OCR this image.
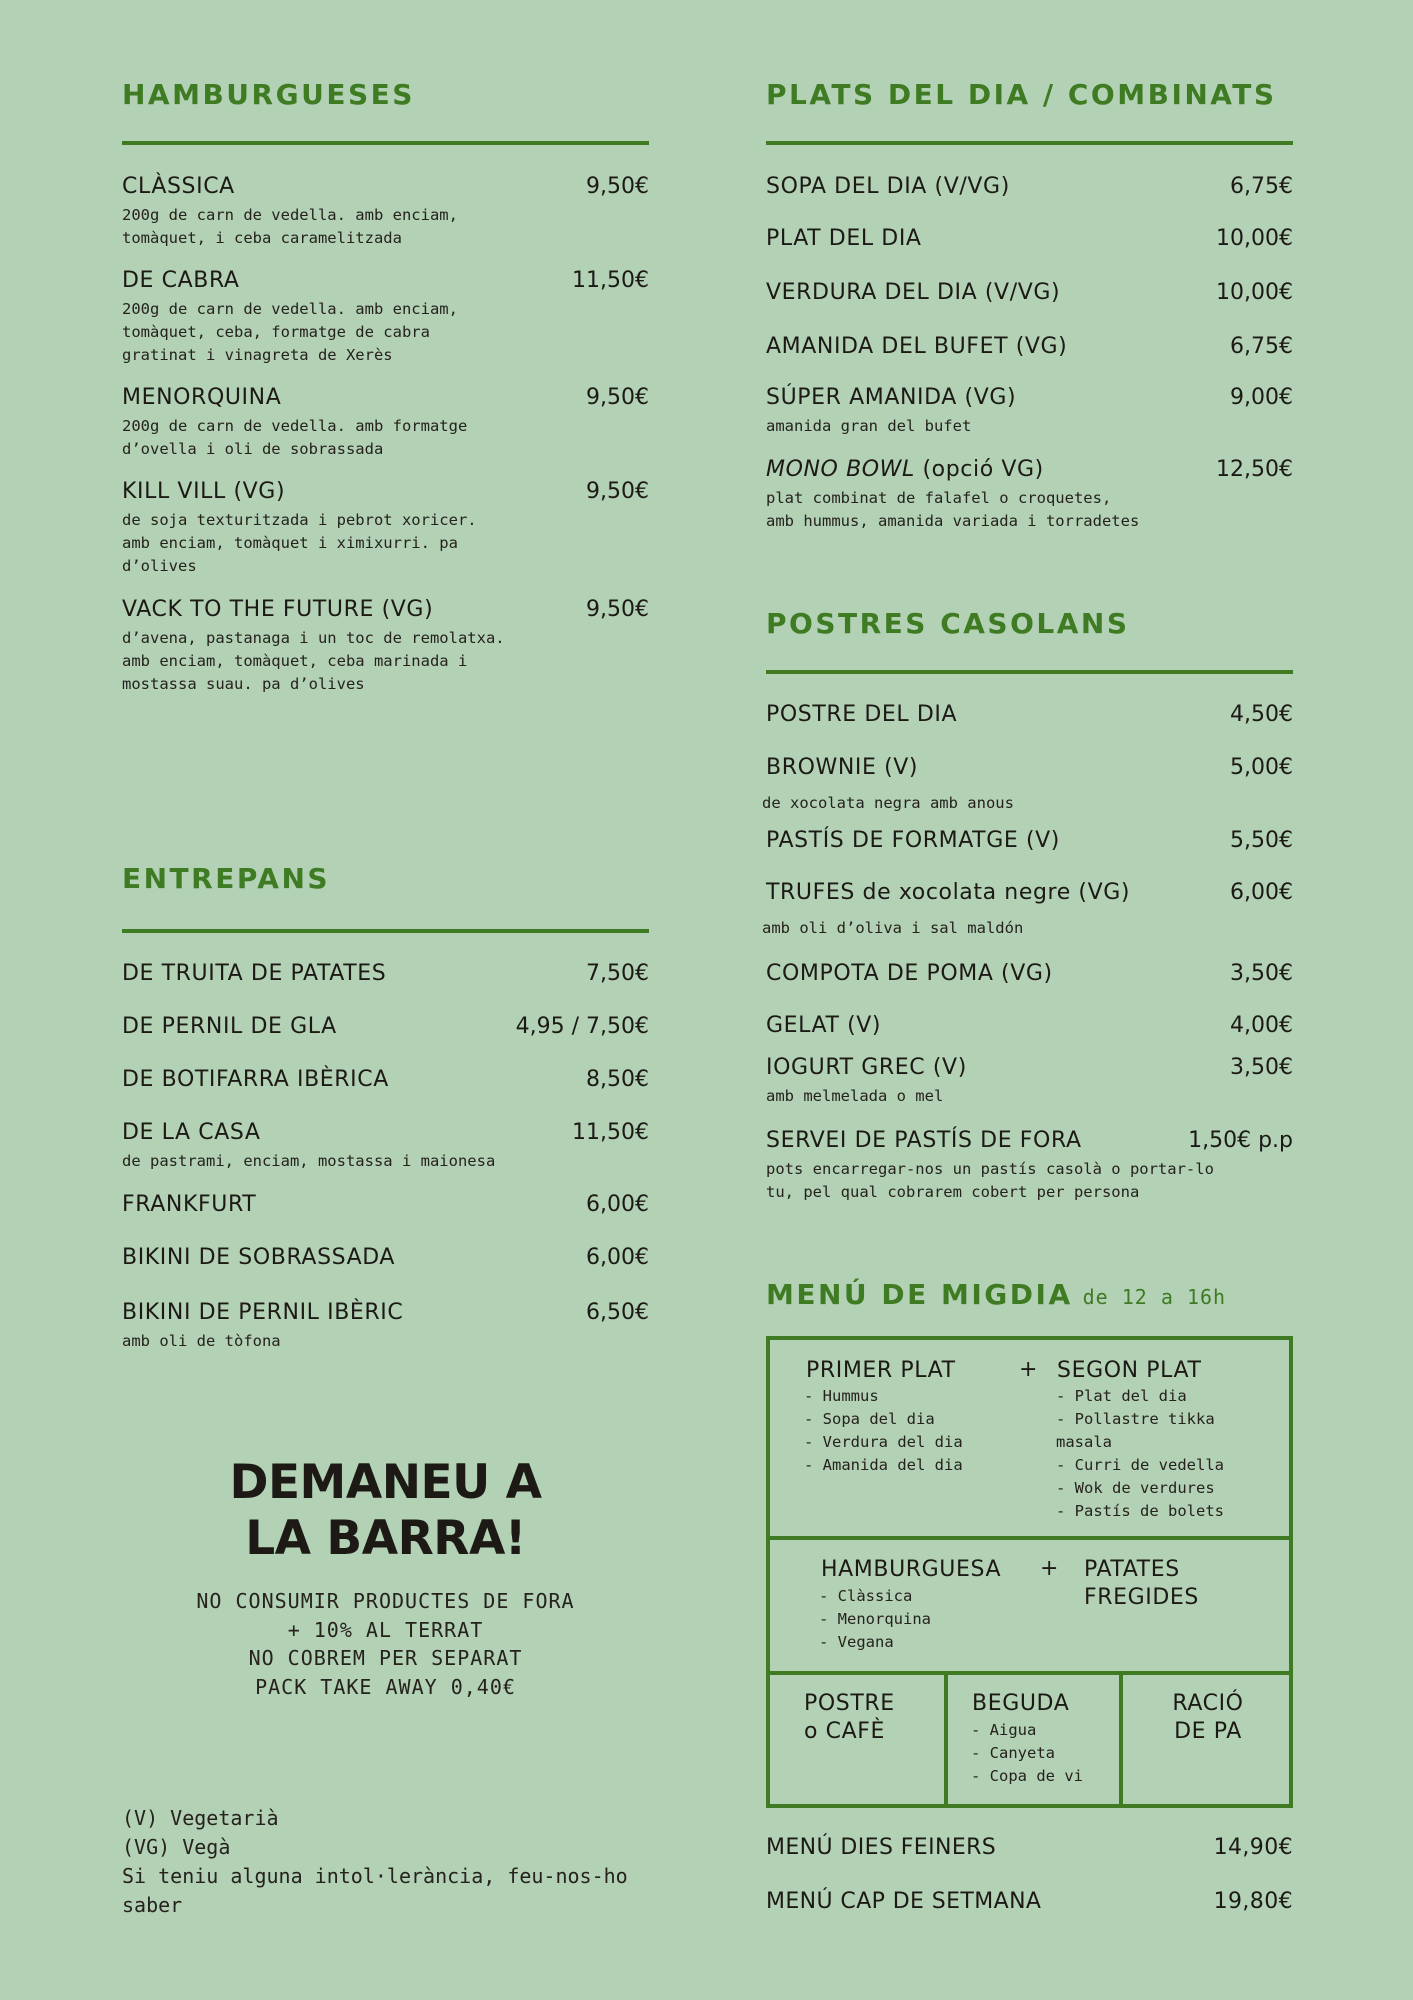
HAMBURGUESES
CLÀSSICA	9,50€
200g de carn de vedella. amb enciam,
tomàquet, i ceba caramelitzada
DE CABRA	11,50€
200g de carn de vedella. amb enciam,
tomàquet, ceba, formatge de cabra
gratinat i vinagreta de Xerès
MENORQUINA	9,50€
200g de carn de vedella. amb formatge
d’ovella i oli de sobrassada
KILL VILL (VG)	9,50€
de soja texturitzada i pebrot xoricer.
amb enciam, tomàquet i ximixurri. pa
d’olives
VACK TO THE FUTURE (VG)	9,50€
d’avena, pastanaga i un toc de remolatxa.
amb enciam, tomàquet, ceba marinada i
mostassa suau. pa d’olives
ENTREPANS
DE TRUITA DE PATATES	7,50€
DE PERNIL DE GLA	4,95 / 7,50€
DE BOTIFARRA IBÈRICA	8,50€
DE LA CASA	11,50€
de pastrami, enciam, mostassa i maionesa
FRANKFURT	6,00€
BIKINI DE SOBRASSADA	6,00€
BIKINI DE PERNIL IBÈRIC	6,50€
amb oli de tòfona
DEMANEU A
LA BARRA!
NO CONSUMIR PRODUCTES DE FORA
+ 10% AL TERRAT
NO COBREM PER SEPARAT
PACK TAKE AWAY 0,40€
(V) Vegetarià
(VG) Vegà
Si teniu alguna intol·lerància, feu-nos-ho saber
PLATS DEL DIA / COMBINATS
SOPA DEL DIA (V/VG)	6,75€
PLAT DEL DIA	10,00€
VERDURA DEL DIA (V/VG)	10,00€
AMANIDA DEL BUFET (VG)	6,75€
SÚPER AMANIDA (VG)	9,00€
amanida gran del bufet
MONO BOWL (opció VG)	12,50€
plat combinat de falafel o croquetes,
amb hummus, amanida variada i torradetes
POSTRES CASOLANS
POSTRE DEL DIA	4,50€
BROWNIE (V)	5,00€
de xocolata negra amb anous
PASTÍS DE FORMATGE (V)	5,50€
TRUFES de xocolata negre (VG)	6,00€
amb oli d’oliva i sal maldón
COMPOTA DE POMA (VG)	3,50€
GELAT (V)	4,00€
IOGURT GREC (V)	3,50€
amb melmelada o mel
SERVEI DE PASTÍS DE FORA	1,50€ p.p
pots encarregar-nos un pastís casolà o portar-lo
tu, pel qual cobrarem cobert per persona
MENÚ DE MIGDIA de 12 a 16h
PRIMER PLAT	+ SEGON PLAT
- Hummus
- Sopa del dia
- Verdura del dia
- Amanida del dia
- Plat del dia
- Pollastre tikka masala
- Curri de vedella
- Wok de verdures
- Pastís de bolets
HAMBURGUESA + PATATES
FREGIDES
- Clàssica
- Menorquina
- Vegana
POSTRE
o CAFÈ
BEGUDA
- Aigua
- Canyeta
- Copa de vi
RACIÓ
DE PA
MENÚ DIES FEINERS	14,90€
MENÚ CAP DE SETMANA	19,80€
